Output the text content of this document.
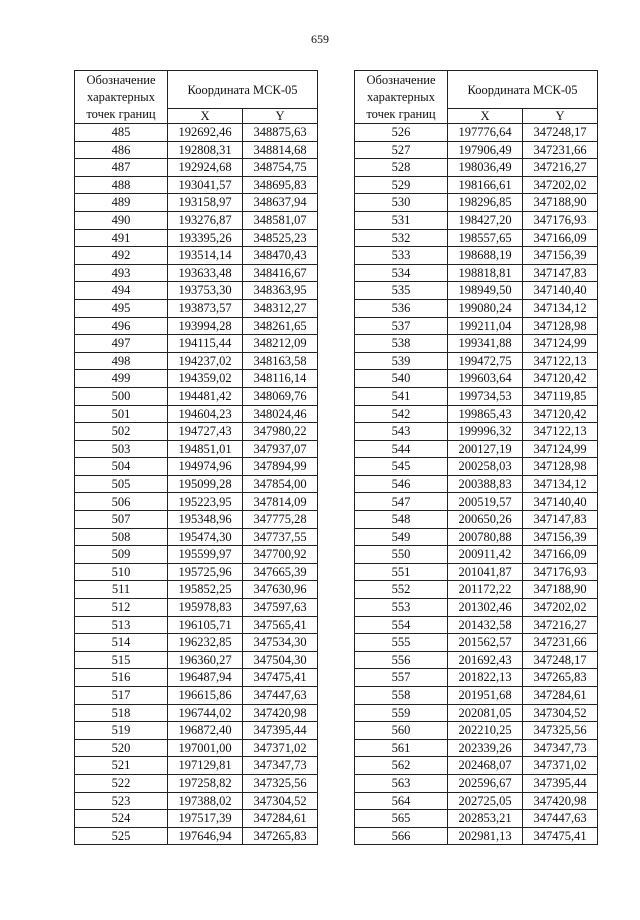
659
Обозначение характерных точек границ	Координата МСК-05	
	X	Y
485	192692,46	348875,63
486	192808,31	348814,68
487	192924,68	348754,75
488	193041,57	348695,83
489	193158,97	348637,94
490	193276,87	348581,07
491	193395,26	348525,23
492	193514,14	348470,43
493	193633,48	348416,67
494	193753,30	348363,95
495	193873,57	348312,27
496	193994,28	348261,65
497	194115,44	348212,09
498	194237,02	348163,58
499	194359,02	348116,14
500	194481,42	348069,76
501	194604,23	348024,46
502	194727,43	347980,22
503	194851,01	347937,07
504	194974,96	347894,99
505	195099,28	347854,00
506	195223,95	347814,09
507	195348,96	347775,28
508	195474,30	347737,55
509	195599,97	347700,92
510	195725,96	347665,39
511	195852,25	347630,96
512	195978,83	347597,63
513	196105,71	347565,41
514	196232,85	347534,30
515	196360,27	347504,30
516	196487,94	347475,41
517	196615,86	347447,63
518	196744,02	347420,98
519	196872,40	347395,44
520	197001,00	347371,02
521	197129,81	347347,73
522	197258,82	347325,56
523	197388,02	347304,52
524	197517,39	347284,61
525	197646,94	347265,83
Обозначение характерных точек границ	Координата МСК-05	
	X	Y
526	197776,64	347248,17
527	197906,49	347231,66
528	198036,49	347216,27
529	198166,61	347202,02
530	198296,85	347188,90
531	198427,20	347176,93
532	198557,65	347166,09
533	198688,19	347156,39
534	198818,81	347147,83
535	198949,50	347140,40
536	199080,24	347134,12
537	199211,04	347128,98
538	199341,88	347124,99
539	199472,75	347122,13
540	199603,64	347120,42
541	199734,53	347119,85
542	199865,43	347120,42
543	199996,32	347122,13
544	200127,19	347124,99
545	200258,03	347128,98
546	200388,83	347134,12
547	200519,57	347140,40
548	200650,26	347147,83
549	200780,88	347156,39
550	200911,42	347166,09
551	201041,87	347176,93
552	201172,22	347188,90
553	201302,46	347202,02
554	201432,58	347216,27
555	201562,57	347231,66
556	201692,43	347248,17
557	201822,13	347265,83
558	201951,68	347284,61
559	202081,05	347304,52
560	202210,25	347325,56
561	202339,26	347347,73
562	202468,07	347371,02
563	202596,67	347395,44
564	202725,05	347420,98
565	202853,21	347447,63
566	202981,13	347475,41
